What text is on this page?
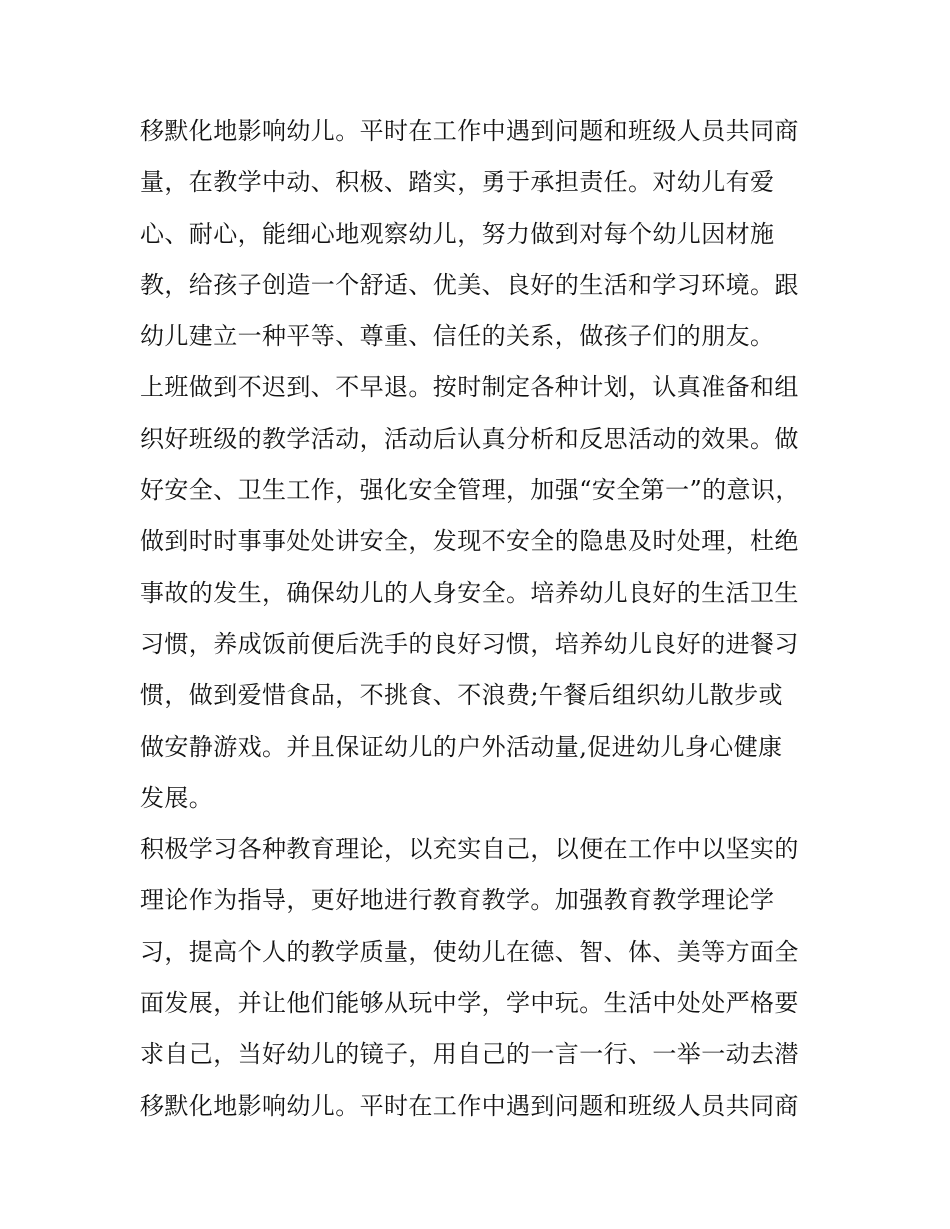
移默化地影响幼儿。平时在工作中遇到问题和班级人员共同商
量，在教学中动、积极、踏实，勇于承担责任。对幼儿有爱
心、耐心，能细心地观察幼儿，努力做到对每个幼儿因材施
教，给孩子创造一个舒适、优美、良好的生活和学习环境。跟
幼儿建立一种平等、尊重、信任的关系，做孩子们的朋友。
上班做到不迟到、不早退。按时制定各种计划，认真准备和组
织好班级的教学活动，活动后认真分析和反思活动的效果。做
好安全、卫生工作，强化安全管理，加强“安全第一”的意识，
做到时时事事处处讲安全，发现不安全的隐患及时处理，杜绝
事故的发生，确保幼儿的人身安全。培养幼儿良好的生活卫生
习惯，养成饭前便后洗手的良好习惯，培养幼儿良好的进餐习
惯，做到爱惜食品，不挑食、不浪费;午餐后组织幼儿散步或
做安静游戏。并且保证幼儿的户外活动量,促进幼儿身心健康
发展。
积极学习各种教育理论，以充实自己，以便在工作中以坚实的
理论作为指导，更好地进行教育教学。加强教育教学理论学
习，提高个人的教学质量，使幼儿在德、智、体、美等方面全
面发展，并让他们能够从玩中学，学中玩。生活中处处严格要
求自己，当好幼儿的镜子，用自己的一言一行、一举一动去潜
移默化地影响幼儿。平时在工作中遇到问题和班级人员共同商
